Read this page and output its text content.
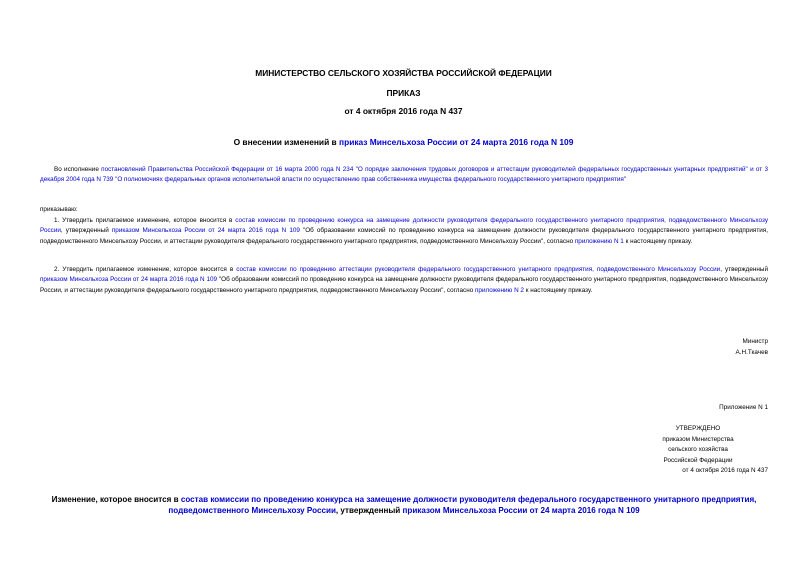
МИНИСТЕРСТВО СЕЛЬСКОГО ХОЗЯЙСТВА РОССИЙСКОЙ ФЕДЕРАЦИИ
ПРИКАЗ
от 4 октября 2016 года N 437
О внесении изменений в приказ Минсельхоза России от 24 марта 2016 года N 109
Во исполнение постановлений Правительства Российской Федерации от 16 марта 2000 года N 234 "О порядке заключения трудовых договоров и аттестации руководителей федеральных государственных унитарных предприятий" и от 3 декабря 2004 года N 739 "О полномочиях федеральных органов исполнительной власти по осуществлению прав собственника имущества федерального государственного унитарного предприятия"
приказываю:
1. Утвердить прилагаемое изменение, которое вносится в состав комиссии по проведению конкурса на замещение должности руководителя федерального государственного унитарного предприятия, подведомственного Минсельхозу России, утвержденный приказом Минсельхоза России от 24 марта 2016 года N 109 "Об образовании комиссий по проведению конкурса на замещение должности руководителя федерального государственного унитарного предприятия, подведомственного Минсельхозу России, и аттестации руководителя федерального государственного унитарного предприятия, подведомственного Минсельхозу России", согласно приложению N 1 к настоящему приказу.
2. Утвердить прилагаемое изменение, которое вносится в состав комиссии по проведению аттестации руководителя федерального государственного унитарного предприятия, подведомственного Минсельхозу России, утвержденный приказом Минсельхоза России от 24 марта 2016 года N 109 "Об образовании комиссий по проведению конкурса на замещение должности руководителя федерального государственного унитарного предприятия, подведомственного Минсельхозу России, и аттестации руководителя федерального государственного унитарного предприятия, подведомственного Минсельхозу России", согласно приложению N 2 к настоящему приказу.
Министр
А.Н.Ткачев
Приложение N 1
УТВЕРЖДЕНО
приказом Министерства
сельского хозяйства
Российской Федерации
от 4 октября 2016 года N 437
Изменение, которое вносится в состав комиссии по проведению конкурса на замещение должности руководителя федерального государственного унитарного предприятия, подведомственного Минсельхозу России, утвержденный приказом Минсельхоза России от 24 марта 2016 года N 109
